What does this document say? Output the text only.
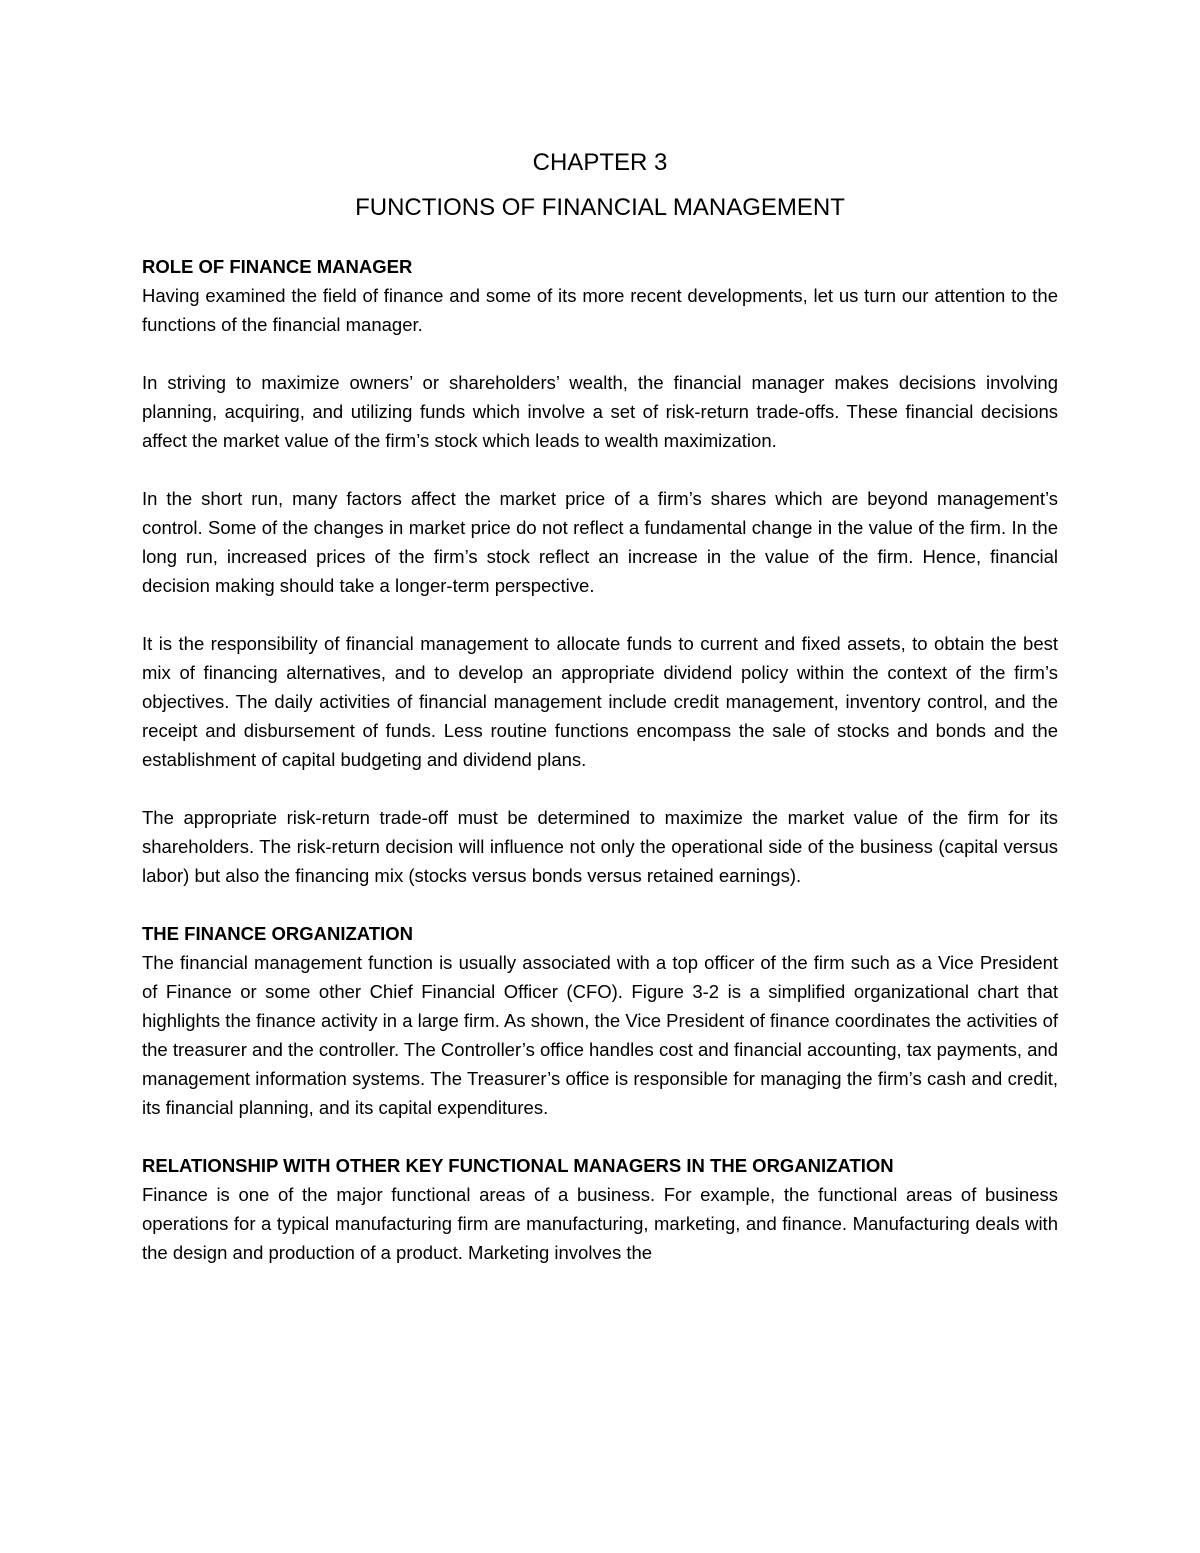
CHAPTER 3
FUNCTIONS OF FINANCIAL MANAGEMENT

ROLE OF FINANCE MANAGER

Having examined the field of finance and some of its more recent developments, let us turn our attention to the functions of the financial manager.

In striving to maximize owners’ or shareholders’ wealth, the financial manager makes decisions involving planning, acquiring, and utilizing funds which involve a set of risk-return trade-offs. These financial decisions affect the market value of the firm’s stock which leads to wealth maximization.

In the short run, many factors affect the market price of a firm’s shares which are beyond management’s control. Some of the changes in market price do not reflect a fundamental change in the value of the firm. In the long run, increased prices of the firm’s stock reflect an increase in the value of the firm. Hence, financial decision making should take a longer-term perspective.

It is the responsibility of financial management to allocate funds to current and fixed assets, to obtain the best mix of financing alternatives, and to develop an appropriate dividend policy within the context of the firm’s objectives. The daily activities of financial management include credit management, inventory control, and the receipt and disbursement of funds. Less routine functions encompass the sale of stocks and bonds and the establishment of capital budgeting and dividend plans.

The appropriate risk-return trade-off must be determined to maximize the market value of the firm for its shareholders. The risk-return decision will influence not only the operational side of the business (capital versus labor) but also the financing mix (stocks versus bonds versus retained earnings).

THE FINANCE ORGANIZATION

The financial management function is usually associated with a top officer of the firm such as a Vice President of Finance or some other Chief Financial Officer (CFO). Figure 3-2 is a simplified organizational chart that highlights the finance activity in a large firm. As shown, the Vice President of finance coordinates the activities of the treasurer and the controller. The Controller’s office handles cost and financial accounting, tax payments, and management information systems. The Treasurer’s office is responsible for managing the firm’s cash and credit, its financial planning, and its capital expenditures.

RELATIONSHIP WITH OTHER KEY FUNCTIONAL MANAGERS IN THE ORGANIZATION

Finance is one of the major functional areas of a business. For example, the functional areas of business operations for a typical manufacturing firm are manufacturing, marketing, and finance. Manufacturing deals with the design and production of a product. Marketing involves the
